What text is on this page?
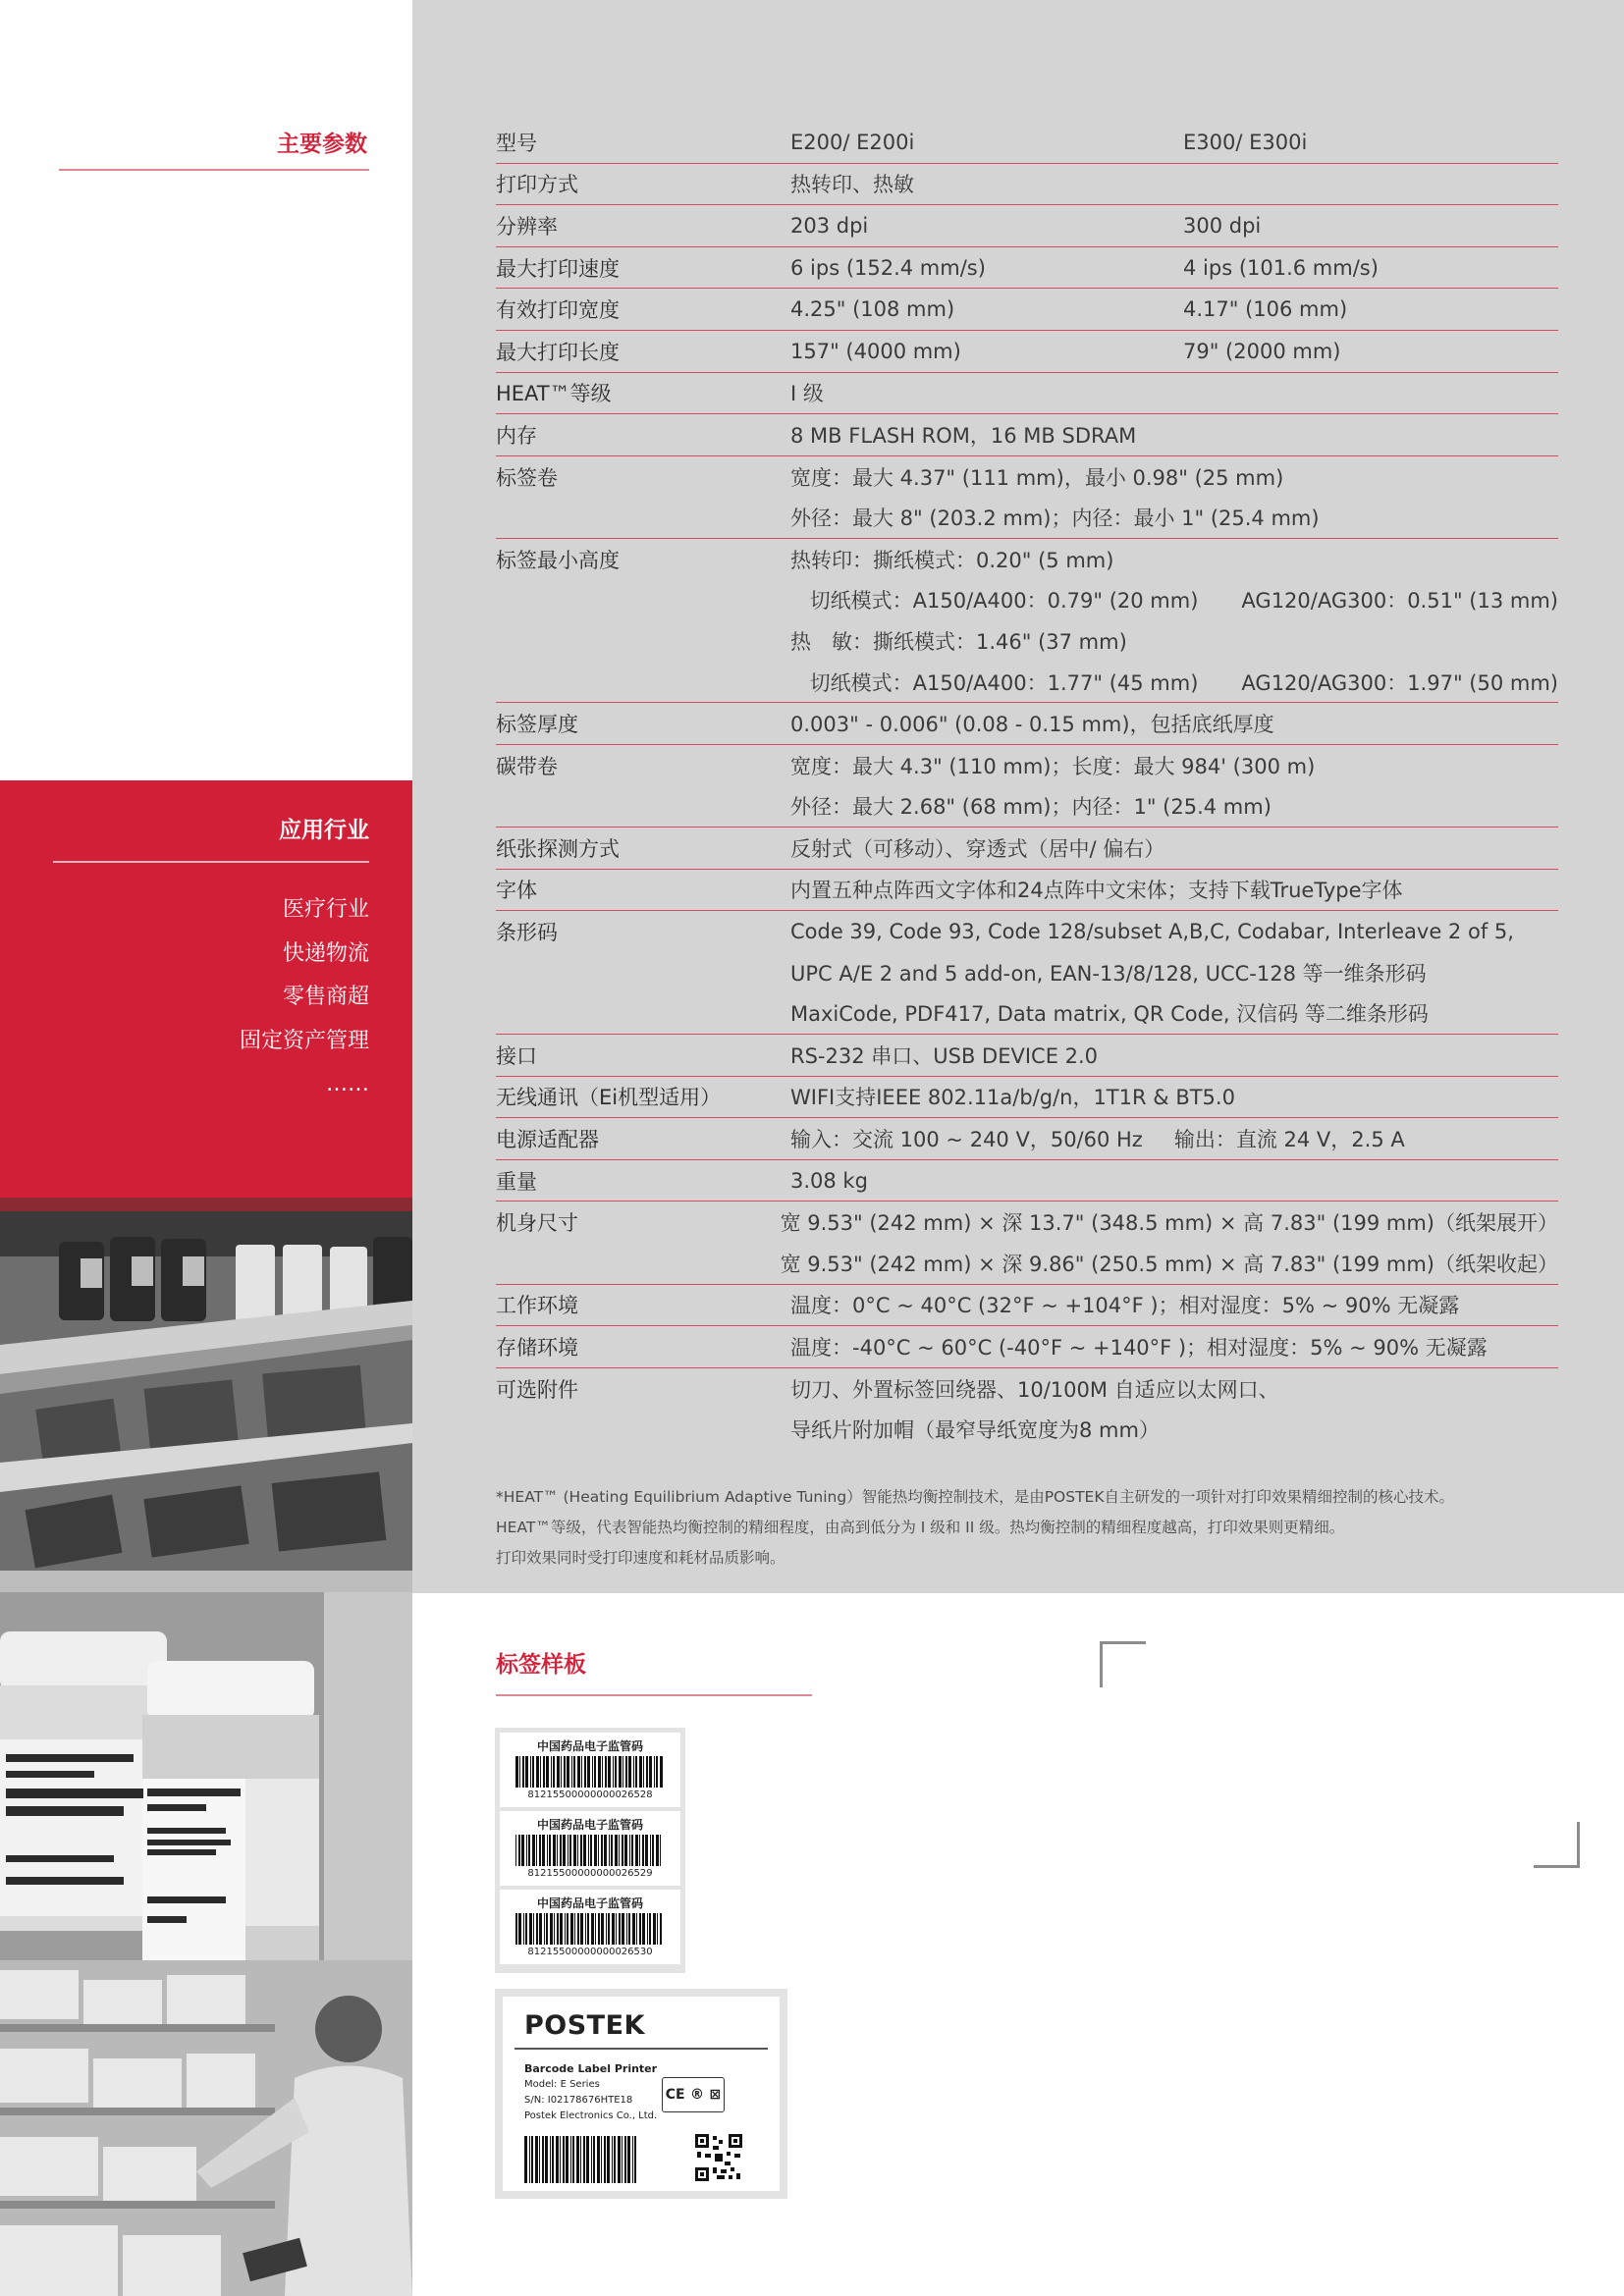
主要参数
应用行业
医疗行业
快递物流
零售商超
固定资产管理
……
型号	E200/ E200i	E300/ E300i
打印方式	热转印、热敏
分辨率	203 dpi	300 dpi
最大打印速度	6 ips (152.4 mm/s)	4 ips (101.6 mm/s)
有效打印宽度	4.25" (108 mm)	4.17" (106 mm)
最大打印长度	157" (4000 mm)	79" (2000 mm)
HEAT™等级	I 级
内存	8 MB FLASH ROM，16 MB SDRAM
标签卷	宽度：最大 4.37" (111 mm)，最小 0.98" (25 mm)
外径：最大 8" (203.2 mm)；内径：最小 1" (25.4 mm)
标签最小高度	热转印：撕纸模式：0.20" (5 mm)
切纸模式：A150/A400：0.79" (20 mm) AG120/AG300：0.51" (13 mm)
热　敏：撕纸模式：1.46" (37 mm)
切纸模式：A150/A400：1.77" (45 mm) AG120/AG300：1.97" (50 mm)
标签厚度	0.003" - 0.006" (0.08 - 0.15 mm)，包括底纸厚度
碳带卷	宽度：最大 4.3" (110 mm)；长度：最大 984' (300 m)
外径：最大 2.68" (68 mm)；内径：1" (25.4 mm)
纸张探测方式	反射式（可移动）、穿透式（居中/ 偏右）
字体	内置五种点阵西文字体和24点阵中文宋体；支持下载TrueType字体
条形码	Code 39, Code 93, Code 128/subset A,B,C, Codabar, Interleave 2 of 5,
UPC A/E 2 and 5 add-on, EAN-13/8/128, UCC-128 等一维条形码
MaxiCode, PDF417, Data matrix, QR Code, 汉信码 等二维条形码
接口	RS-232 串口、USB DEVICE 2.0
无线通讯（Ei机型适用）	WIFI支持IEEE 802.11a/b/g/n，1T1R & BT5.0
电源适配器	输入：交流 100 ~ 240 V，50/60 Hz 输出：直流 24 V，2.5 A
重量	3.08 kg
机身尺寸	宽 9.53" (242 mm) × 深 13.7" (348.5 mm) × 高 7.83" (199 mm)（纸架展开）
宽 9.53" (242 mm) × 深 9.86" (250.5 mm) × 高 7.83" (199 mm)（纸架收起）
工作环境	温度：0°C ~ 40°C (32°F ~ +104°F )；相对湿度：5% ~ 90% 无凝露
存储环境	温度：-40°C ~ 60°C (-40°F ~ +140°F )；相对湿度：5% ~ 90% 无凝露
可选附件	切刀、外置标签回绕器、10/100M 自适应以太网口、
导纸片附加帽（最窄导纸宽度为8 mm）
*HEAT™ (Heating Equilibrium Adaptive Tuning）智能热均衡控制技术，是由POSTEK自主研发的一项针对打印效果精细控制的核心技术。
HEAT™等级，代表智能热均衡控制的精细程度，由高到低分为 I 级和 II 级。热均衡控制的精细程度越高，打印效果则更精细。
打印效果同时受打印速度和耗材品质影响。
标签样板
中国药品电子监管码
81215500000000026528
中国药品电子监管码
81215500000000026529
中国药品电子监管码
81215500000000026530
POSTEK
Barcode Label Printer
Model: E Series
S/N: I02178676HTE18
Postek Electronics Co., Ltd.
CE ® ⊠
